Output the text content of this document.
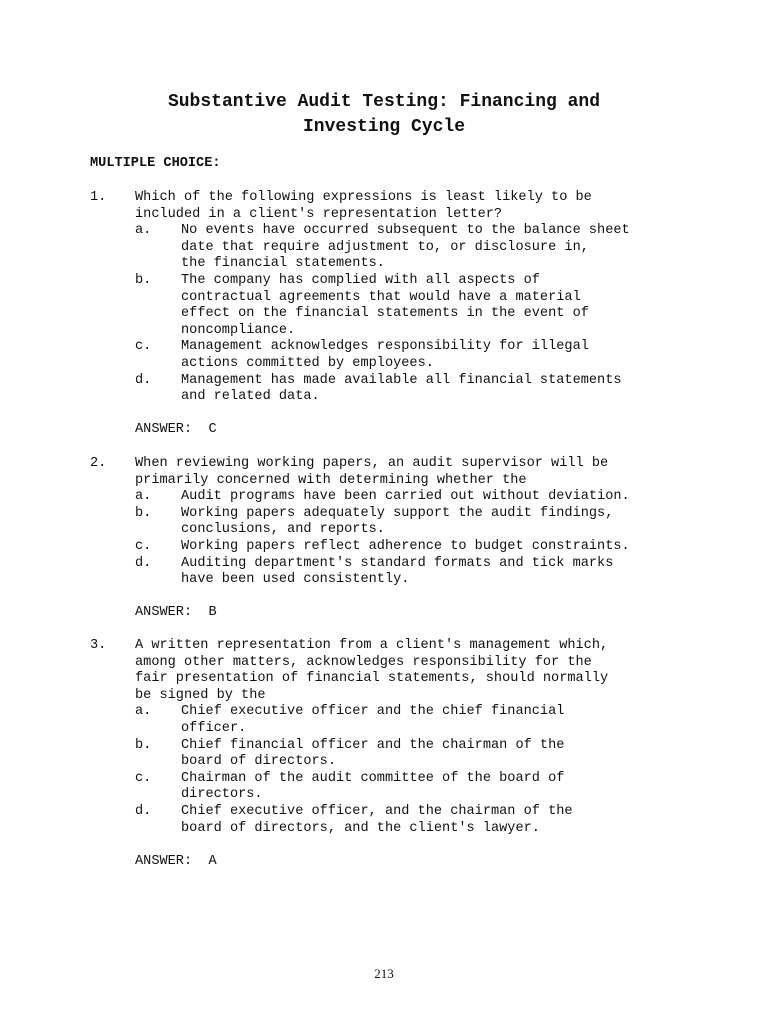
Substantive Audit Testing: Financing and
Investing Cycle
MULTIPLE CHOICE:
1. Which of the following expressions is least likely to be
included in a client's representation letter?
a. No events have occurred subsequent to the balance sheet
date that require adjustment to, or disclosure in,
the financial statements.
b. The company has complied with all aspects of
contractual agreements that would have a material
effect on the financial statements in the event of
noncompliance.
c. Management acknowledges responsibility for illegal
actions committed by employees.
d. Management has made available all financial statements
and related data.
ANSWER: C
2. When reviewing working papers, an audit supervisor will be
primarily concerned with determining whether the
a. Audit programs have been carried out without deviation.
b. Working papers adequately support the audit findings,
conclusions, and reports.
c. Working papers reflect adherence to budget constraints.
d. Auditing department's standard formats and tick marks
have been used consistently.
ANSWER: B
3. A written representation from a client's management which,
among other matters, acknowledges responsibility for the
fair presentation of financial statements, should normally
be signed by the
a. Chief executive officer and the chief financial
officer.
b. Chief financial officer and the chairman of the
board of directors.
c. Chairman of the audit committee of the board of
directors.
d. Chief executive officer, and the chairman of the
board of directors, and the client's lawyer.
ANSWER: A
213
